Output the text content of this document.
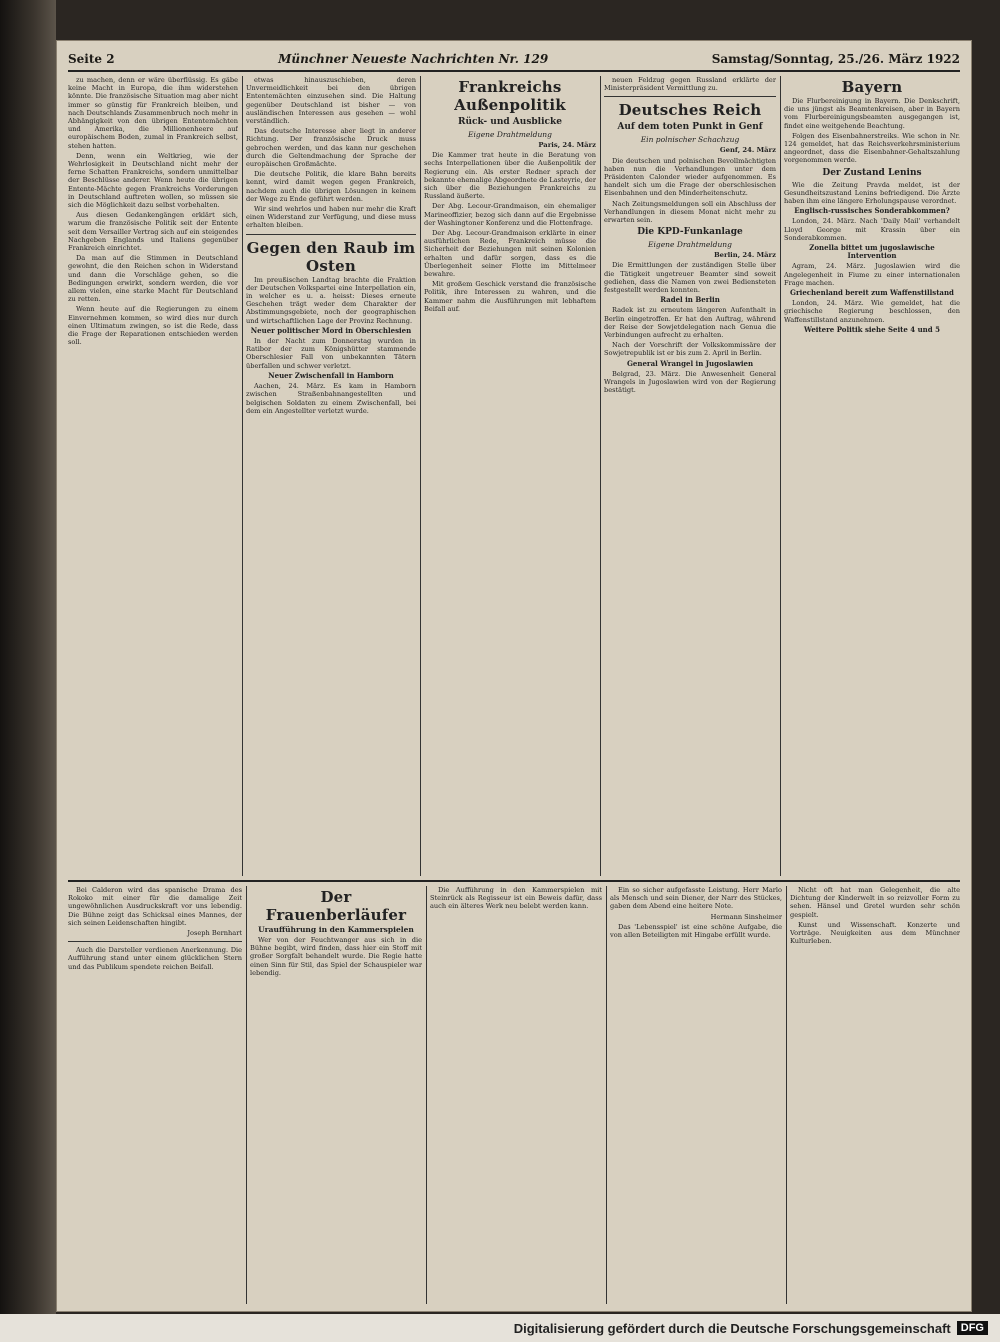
Seite 2	Münchner Neueste Nachrichten Nr. 129	Samstag/Sonntag, 25./26. März 1922

zu machen, denn er wäre überflüssig. Es gäbe keine Macht in Europa, die ihm widerstehen könnte. Die französische Situation mag aber nicht immer so günstig für Frankreich bleiben, und nach Deutschlands Zusammenbruch noch mehr in Abhängigkeit von den übrigen Ententemächten und Amerika, die Millionenheere auf europäischem Boden, zumal in Frankreich selbst, stehen hatten.

Denn, wenn ein Weltkrieg, wie der Wehrlosigkeit in Deutschland nicht mehr der ferne Schatten Frankreichs, sondern unmittelbar der Beschlüsse anderer. Wenn heute die übrigen Entente-Mächte gegen Frankreichs Vorderungen in Deutschland auftreten wollen, so müssen sie sich die Möglichkeit dazu selbst vorbehalten.

Aus diesen Gedankengängen erklärt sich, warum die französische Politik seit der Entente seit dem Versailler Vertrag sich auf ein steigendes Nachgeben Englands und Italiens gegenüber Frankreich einrichtet.

Da man auf die Stimmen in Deutschland gewohnt, die den Reichen schon in Widerstand und dann die Vorschläge gehen, so die Bedingungen erwirkt, sondern werden, die vor allem vielen, eine starke Macht für Deutschland zu retten.

Wenn heute auf die Regierungen zu einem Einvernehmen kommen, so wird dies nur durch einen Ultimatum zwingen, so ist die Rede, dass die Frage der Reparationen entschieden werden soll.

etwas hinauszuschieben, deren Unvermeidlichkeit bei den übrigen Ententemächten einzusehen sind. Die Haltung gegenüber Deutschland ist bisher — von ausländischen Interessen aus gesehen — wohl verständlich.

Das deutsche Interesse aber liegt in anderer Richtung. Der französische Druck muss gebrochen werden, und das kann nur geschehen durch die Geltendmachung der Sprache der europäischen Großmächte.

Die deutsche Politik, die klare Bahn bereits kennt, wird damit wegen gegen Frankreich, nachdem auch die übrigen Lösungen in keinem der Wege zu Ende geführt werden.

Wir sind wehrlos und haben nur mehr die Kraft einen Widerstand zur Verfügung, und diese muss erhalten bleiben.

Gegen den Raub im Osten

Im preußischen Landtag brachte die Fraktion der Deutschen Volkspartei eine Interpellation ein, in welcher es u. a. heisst: Dieses erneute Geschehen trägt weder dem Charakter der Abstimmungsgebiete, noch der geographischen und wirtschaftlichen Lage der Provinz Rechnung.

Neuer politischer Mord in Oberschlesien

In der Nacht zum Donnerstag wurden in Ratibor der zum Königshütter stammende Oberschlesier Fall von unbekannten Tätern überfallen und schwer verletzt.

Neuer Zwischenfall in Hamborn

Aachen, 24. März. Es kam in Hamborn zwischen Straßenbahnangestellten und belgischen Soldaten zu einem Zwischenfall, bei dem ein Angestellter verletzt wurde.

Frankreichs Außenpolitik
Rück- und Ausblicke
Eigene Drahtmeldung
Paris, 24. März

Die Kammer trat heute in die Beratung von sechs Interpellationen über die Außenpolitik der Regierung ein. Als erster Redner sprach der bekannte ehemalige Abgeordnete de Lasteyrie, der sich über die Beziehungen Frankreichs zu Russland äußerte.

Der Abg. Lecour-Grandmaison, ein ehemaliger Marineoffizier, bezog sich dann auf die Ergebnisse der Washingtoner Konferenz und die Flottenfrage.

Der Abg. Lecour-Grandmaison erklärte in einer ausführlichen Rede, Frankreich müsse die Sicherheit der Beziehungen mit seinen Kolonien erhalten und dafür sorgen, dass es die Überlegenheit seiner Flotte im Mittelmeer bewahre.

Mit großem Geschick verstand die französische Politik, ihre Interessen zu wahren, und die Kammer nahm die Ausführungen mit lebhaftem Beifall auf.

neuen Feldzug gegen Russland erklärte der Ministerpräsident Vermittlung zu.

Deutsches Reich
Auf dem toten Punkt in Genf
Ein polnischer Schachzug
Genf, 24. März

Die deutschen und polnischen Bevollmächtigten haben nun die Verhandlungen unter dem Präsidenten Calonder wieder aufgenommen. Es handelt sich um die Frage der oberschlesischen Eisenbahnen und den Minderheitenschutz.

Nach Zeitungsmeldungen soll ein Abschluss der Verhandlungen in diesem Monat nicht mehr zu erwarten sein.

Die KPD-Funkanlage
Eigene Drahtmeldung
Berlin, 24. März

Die Ermittlungen der zuständigen Stelle über die Tätigkeit ungetreuer Beamter sind soweit gediehen, dass die Namen von zwei Bediensteten festgestellt werden konnten.

Radel in Berlin

Radek ist zu erneutem längeren Aufenthalt in Berlin eingetroffen. Er hat den Auftrag, während der Reise der Sowjetdelegation nach Genua die Verbindungen aufrecht zu erhalten.

Nach der Vorschrift der Volkskommissäre der Sowjetrepublik ist er bis zum 2. April in Berlin.

General Wrangel in Jugoslawien

Belgrad, 23. März. Die Anwesenheit General Wrangels in Jugoslawien wird von der Regierung bestätigt.

Bayern

Die Flurbereinigung in Bayern. Die Denkschrift, die uns jüngst als Beamtenkreisen, aber in Bayern vom Flurbereinigungsbeamten ausgegangen ist, findet eine weitgehende Beachtung.

Folgen des Eisenbahnerstreiks. Wie schon in Nr. 124 gemeldet, hat das Reichsverkehrsministerium angeordnet, dass die Eisenbahner-Gehaltszahlung vorgenommen werde.

Der Zustand Lenins

Wie die Zeitung Pravda meldet, ist der Gesundheitszustand Lenins befriedigend. Die Ärzte haben ihm eine längere Erholungspause verordnet.

Englisch-russisches Sonderabkommen?

London, 24. März. Nach 'Daily Mail' verhandelt Lloyd George mit Krassin über ein Sonderabkommen.

Zonella bittet um jugoslawische Intervention

Agram, 24. März. Jugoslawien wird die Angelegenheit in Fiume zu einer internationalen Frage machen.

Griechenland bereit zum Waffenstillstand

London, 24. März. Wie gemeldet, hat die griechische Regierung beschlossen, den Waffenstillstand anzunehmen.

Weitere Politik siehe Seite 4 und 5

Bei Calderon wird das spanische Drama des Rokoko mit einer für die damalige Zeit ungewöhnlichen Ausdruckskraft vor uns lebendig. Die Bühne zeigt das Schicksal eines Mannes, der sich seinen Leidenschaften hingibt.

Joseph Bernhart

Auch die Darsteller verdienen Anerkennung. Die Aufführung stand unter einem glücklichen Stern und das Publikum spendete reichen Beifall.

Der Frauenberläufer
Uraufführung in den Kammerspielen

Wer von der Feuchtwanger aus sich in die Bühne begibt, wird finden, dass hier ein Stoff mit großer Sorgfalt behandelt wurde. Die Regie hatte einen Sinn für Stil, das Spiel der Schauspieler war lebendig.

Die Aufführung in den Kammerspielen mit Steinrück als Regisseur ist ein Beweis dafür, dass auch ein älteres Werk neu belebt werden kann.

Ein so sicher aufgefasste Leistung. Herr Marlo als Mensch und sein Diener, der Narr des Stückes, gaben dem Abend eine heitere Note.

Hermann Sinsheimer

Das 'Lebensspiel' ist eine schöne Aufgabe, die von allen Beteiligten mit Hingabe erfüllt wurde.

Nicht oft hat man Gelegenheit, die alte Dichtung der Kinderwelt in so reizvoller Form zu sehen. Hänsel und Gretel wurden sehr schön gespielt.

Kunst und Wissenschaft. Konzerte und Vorträge. Neuigkeiten aus dem Münchner Kulturleben.

Digitalisierung gefördert durch die Deutsche Forschungsgemeinschaft DFG
